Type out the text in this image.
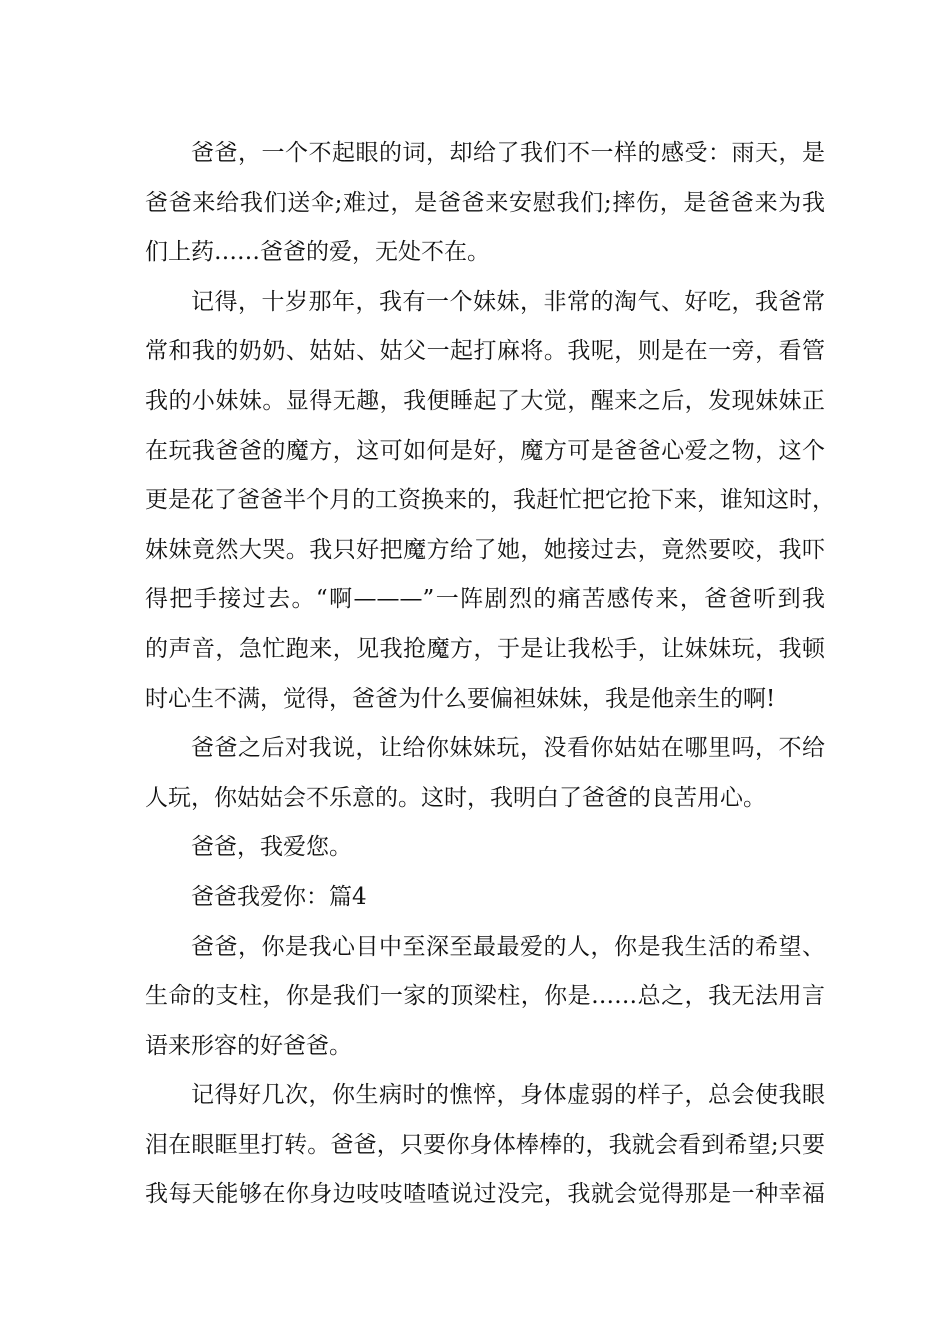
爸爸，一个不起眼的词，却给了我们不一样的感受：雨天，是
爸爸来给我们送伞;难过，是爸爸来安慰我们;摔伤，是爸爸来为我
们上药……爸爸的爱，无处不在。
记得，十岁那年，我有一个妹妹，非常的淘气、好吃，我爸常
常和我的奶奶、姑姑、姑父一起打麻将。我呢，则是在一旁，看管
我的小妹妹。显得无趣，我便睡起了大觉，醒来之后，发现妹妹正
在玩我爸爸的魔方，这可如何是好，魔方可是爸爸心爱之物，这个
更是花了爸爸半个月的工资换来的，我赶忙把它抢下来，谁知这时，
妹妹竟然大哭。我只好把魔方给了她，她接过去，竟然要咬，我吓
得把手接过去。“啊———”一阵剧烈的痛苦感传来，爸爸听到我
的声音，急忙跑来，见我抢魔方，于是让我松手，让妹妹玩，我顿
时心生不满，觉得，爸爸为什么要偏袒妹妹，我是他亲生的啊!
爸爸之后对我说，让给你妹妹玩，没看你姑姑在哪里吗，不给
人玩，你姑姑会不乐意的。这时，我明白了爸爸的良苦用心。
爸爸，我爱您。
爸爸我爱你：篇4
爸爸，你是我心目中至深至最最爱的人，你是我生活的希望、
生命的支柱，你是我们一家的顶梁柱，你是……总之，我无法用言
语来形容的好爸爸。
记得好几次，你生病时的憔悴，身体虚弱的样子，总会使我眼
泪在眼眶里打转。爸爸，只要你身体棒棒的，我就会看到希望;只要
我每天能够在你身边吱吱喳喳说过没完，我就会觉得那是一种幸福
